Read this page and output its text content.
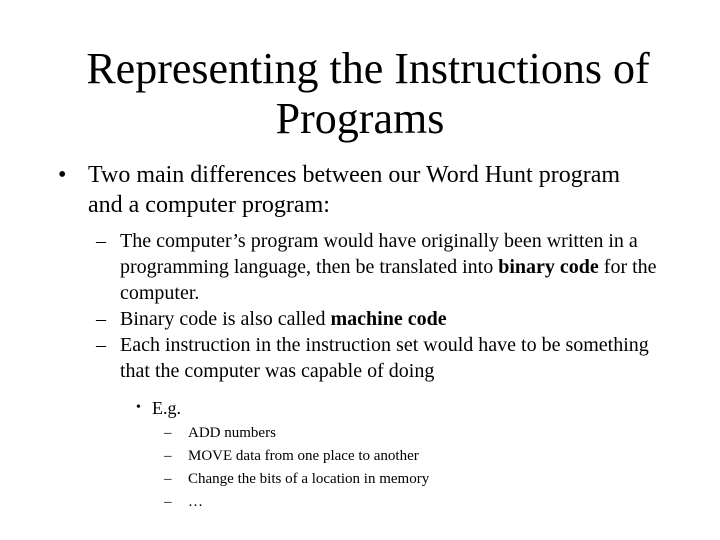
Representing the Instructions of
Programs
• Two main differences between our Word Hunt program and a computer program:
– The computer’s program would have originally been written in a programming language, then be translated into binary code for the computer.
– Binary code is also called machine code
– Each instruction in the instruction set would have to be something that the computer was capable of doing
• E.g.
– ADD numbers
– MOVE data from one place to another
– Change the bits of a location in memory
– …
